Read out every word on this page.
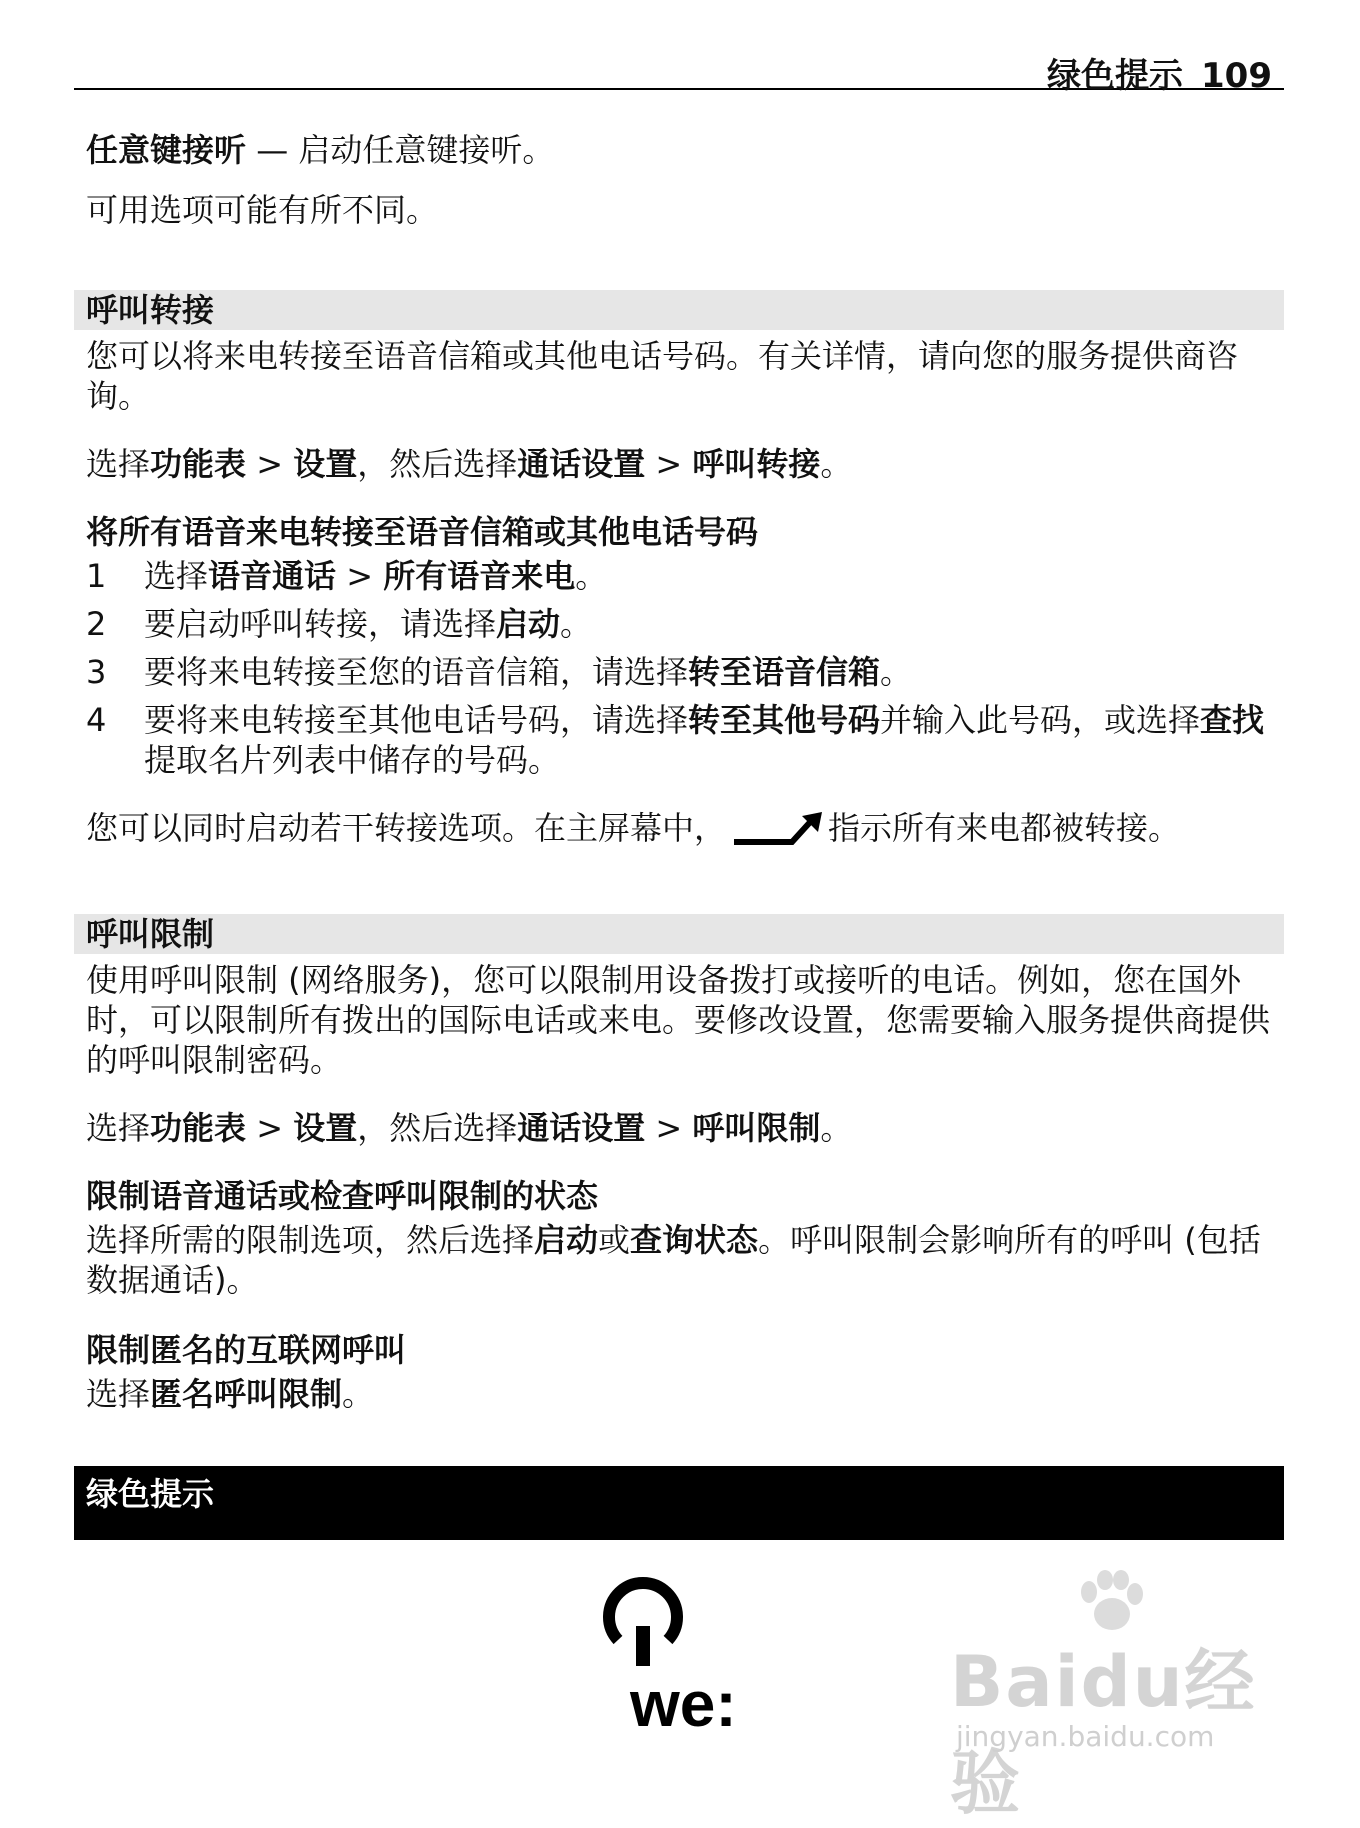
绿色提示 109
任意键接听 — 启动任意键接听。
可用选项可能有所不同。
呼叫转接
您可以将来电转接至语音信箱或其他电话号码。有关详情，请向您的服务提供商咨询。
选择功能表 > 设置，然后选择通话设置 > 呼叫转接。
将所有语音来电转接至语音信箱或其他电话号码
1 选择语音通话 > 所有语音来电。
2 要启动呼叫转接，请选择启动。
3 要将来电转接至您的语音信箱，请选择转至语音信箱。
4 要将来电转接至其他电话号码，请选择转至其他号码并输入此号码，或选择查找提取名片列表中储存的号码。
您可以同时启动若干转接选项。在主屏幕中，	指示所有来电都被转接。
呼叫限制
使用呼叫限制 (网络服务)，您可以限制用设备拨打或接听的电话。例如，您在国外时，可以限制所有拨出的国际电话或来电。要修改设置，您需要输入服务提供商提供的呼叫限制密码。
选择功能表 > 设置，然后选择通话设置 > 呼叫限制。
限制语音通话或检查呼叫限制的状态
选择所需的限制选项，然后选择启动或查询状态。呼叫限制会影响所有的呼叫 (包括数据通话)。
限制匿名的互联网呼叫
选择匿名呼叫限制。
绿色提示
we:	Baidu经验
jingyan.baidu.com
